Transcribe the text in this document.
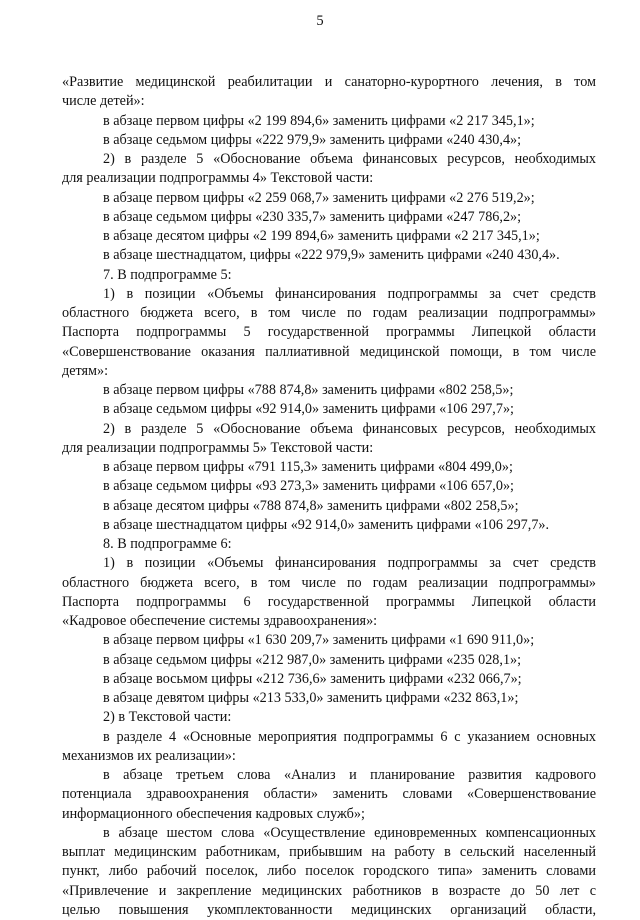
5
«Развитие медицинской реабилитации и санаторно-курортного лечения, в том
числе детей»:
в абзаце первом цифры «2 199 894,6» заменить цифрами «2 217 345,1»;
в абзаце седьмом цифры «222 979,9» заменить цифрами «240 430,4»;
2) в разделе 5 «Обоснование объема финансовых ресурсов, необходимых
для реализации подпрограммы 4» Текстовой части:
в абзаце первом цифры «2 259 068,7» заменить цифрами «2 276 519,2»;
в абзаце седьмом цифры «230 335,7» заменить цифрами «247 786,2»;
в абзаце десятом цифры «2 199 894,6» заменить цифрами «2 217 345,1»;
в абзаце шестнадцатом, цифры «222 979,9» заменить цифрами «240 430,4».
7. В подпрограмме 5:
1) в позиции «Объемы финансирования подпрограммы за счет средств
областного бюджета всего, в том числе по годам реализации подпрограммы»
Паспорта подпрограммы 5 государственной программы Липецкой области
«Совершенствование оказания паллиативной медицинской помощи, в том числе
детям»:
в абзаце первом цифры «788 874,8» заменить цифрами «802 258,5»;
в абзаце седьмом цифры «92 914,0» заменить цифрами «106 297,7»;
2) в разделе 5 «Обоснование объема финансовых ресурсов, необходимых
для реализации подпрограммы 5» Текстовой части:
в абзаце первом цифры «791 115,3» заменить цифрами «804 499,0»;
в абзаце седьмом цифры «93 273,3» заменить цифрами «106 657,0»;
в абзаце десятом цифры «788 874,8» заменить цифрами «802 258,5»;
в абзаце шестнадцатом цифры «92 914,0» заменить цифрами «106 297,7».
8. В подпрограмме 6:
1) в позиции «Объемы финансирования подпрограммы за счет средств
областного бюджета всего, в том числе по годам реализации подпрограммы»
Паспорта подпрограммы 6 государственной программы Липецкой области
«Кадровое обеспечение системы здравоохранения»:
в абзаце первом цифры «1 630 209,7» заменить цифрами «1 690 911,0»;
в абзаце седьмом цифры «212 987,0» заменить цифрами «235 028,1»;
в абзаце восьмом цифры «212 736,6» заменить цифрами «232 066,7»;
в абзаце девятом цифры «213 533,0» заменить цифрами «232 863,1»;
2) в Текстовой части:
в разделе 4 «Основные мероприятия подпрограммы 6 с указанием основных
механизмов их реализации»:
в абзаце третьем слова «Анализ и планирование развития кадрового
потенциала здравоохранения области» заменить словами «Совершенствование
информационного обеспечения кадровых служб»;
в абзаце шестом слова «Осуществление единовременных компенсационных
выплат медицинским работникам, прибывшим на работу в сельский населенный
пункт, либо рабочий поселок, либо поселок городского типа» заменить словами
«Привлечение и закрепление медицинских работников в возрасте до 50 лет с
целью повышения укомплектованности медицинских организаций области,
